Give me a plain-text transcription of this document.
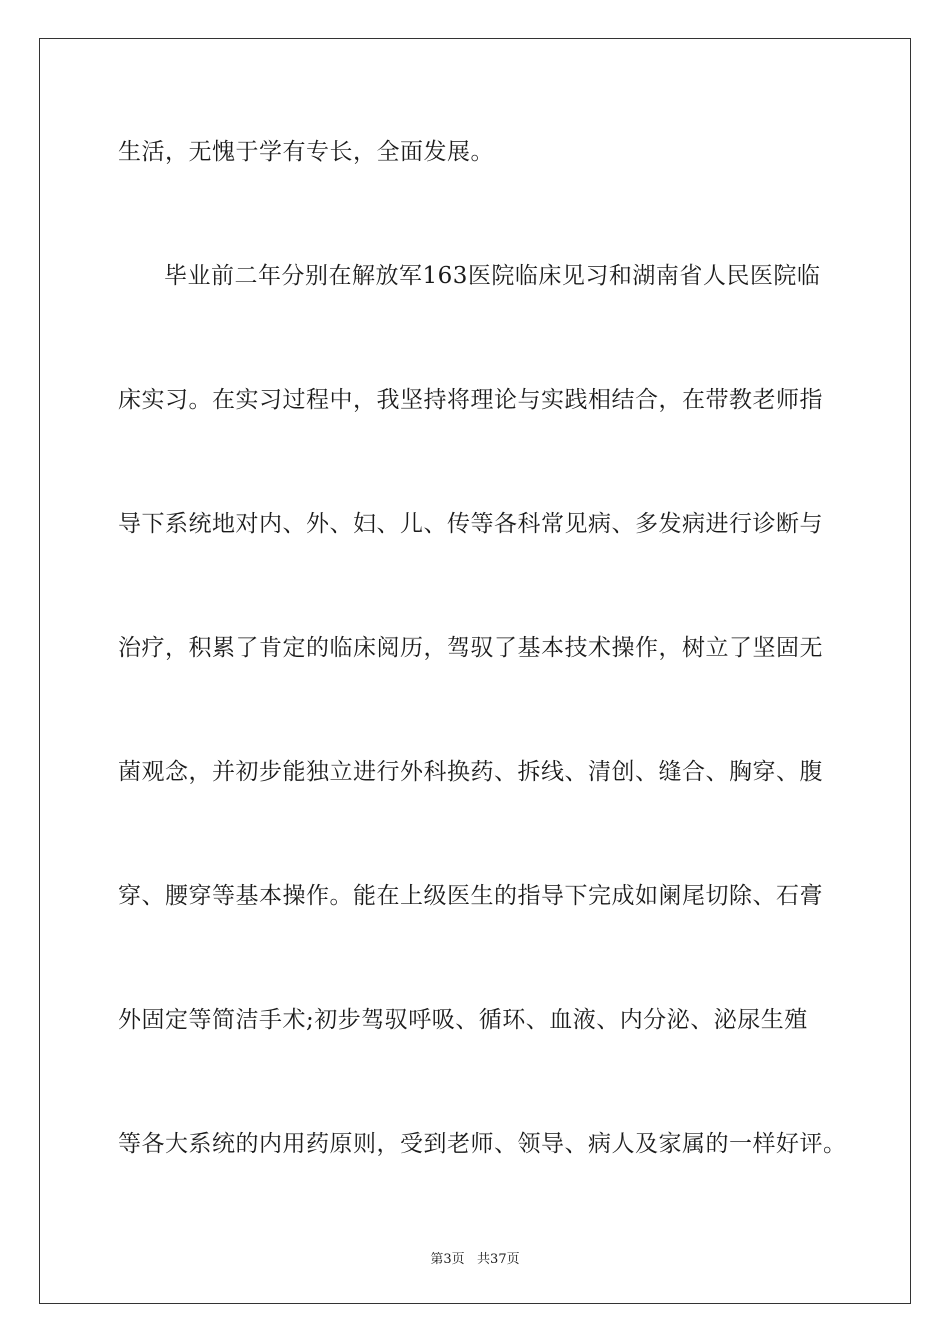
生活，无愧于学有专长，全面发展。
毕业前二年分别在解放军163医院临床见习和湖南省人民医院临
床实习。在实习过程中，我坚持将理论与实践相结合，在带教老师指
导下系统地对内、外、妇、儿、传等各科常见病、多发病进行诊断与
治疗，积累了肯定的临床阅历，驾驭了基本技术操作，树立了坚固无
菌观念，并初步能独立进行外科换药、拆线、清创、缝合、胸穿、腹
穿、腰穿等基本操作。能在上级医生的指导下完成如阑尾切除、石膏
外固定等简洁手术;初步驾驭呼吸、循环、血液、内分泌、泌尿生殖
等各大系统的内用药原则，受到老师、领导、病人及家属的一样好评。
第3页   共37页
